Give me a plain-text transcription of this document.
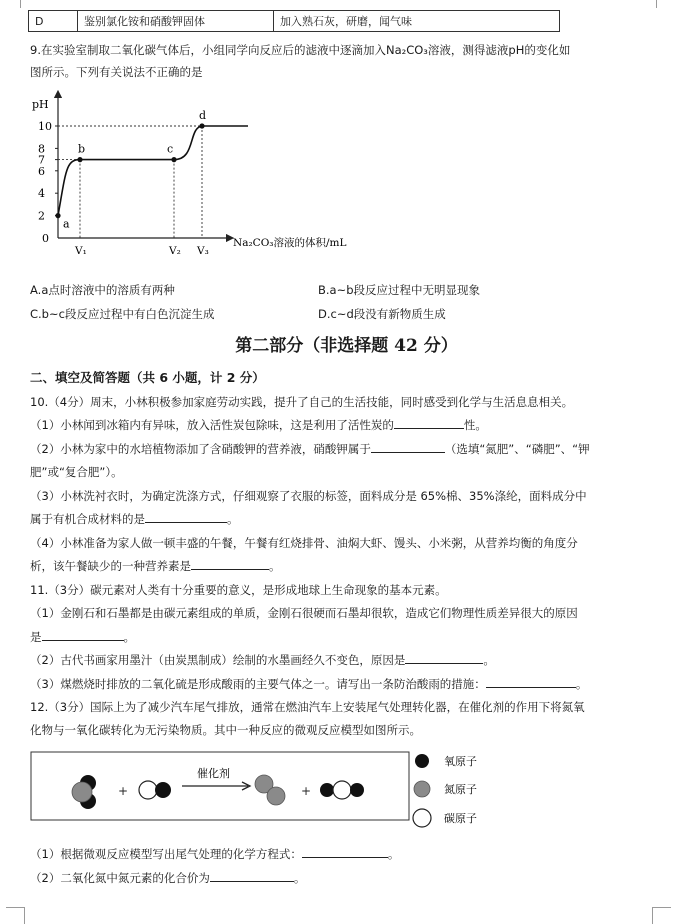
D	鉴别氯化铵和硝酸钾固体	加入熟石灰，研磨，闻气味
9.在实验室制取二氧化碳气体后，小组同学向反应后的滤液中逐滴加入Na₂CO₃溶液，测得滤液pH的变化如
图所示。下列有关说法不正确的是
pH
Na₂CO₃溶液的体积/mL
2
4
6
7
8
10
0
V₁	V₂ V₃
a
b	c
d
A.a点时溶液中的溶质有两种	B.a~b段反应过程中无明显现象
C.b~c段反应过程中有白色沉淀生成	D.c~d段没有新物质生成
第二部分（非选择题 42 分）
二、填空及简答题（共 6 小题，计 2 分）
10.（4分）周末，小林积极参加家庭劳动实践，提升了自己的生活技能，同时感受到化学与生活息息相关。
（1）小林闻到冰箱内有异味，放入活性炭包除味，这是利用了活性炭的	性。
（2）小林为家中的水培植物添加了含硝酸钾的营养液，硝酸钾属于	（选填“氮肥”、“磷肥”、“钾
肥”或“复合肥”）。
（3）小林洗衬衣时，为确定洗涤方式，仔细观察了衣服的标签，面料成分是 65%棉、35%涤纶，面料成分中
属于有机合成材料的是	。
（4）小林准备为家人做一顿丰盛的午餐，午餐有红烧排骨、油焖大虾、馒头、小米粥，从营养均衡的角度分
析，该午餐缺少的一种营养素是	。
11.（3分）碳元素对人类有十分重要的意义，是形成地球上生命现象的基本元素。
（1）金刚石和石墨都是由碳元素组成的单质，金刚石很硬而石墨却很软，造成它们物理性质差异很大的原因
是	。
（2）古代书画家用墨汁（由炭黑制成）绘制的水墨画经久不变色，原因是	。
（3）煤燃烧时排放的二氧化硫是形成酸雨的主要气体之一。请写出一条防治酸雨的措施：	。
12.（3分）国际上为了减少汽车尾气排放，通常在燃油汽车上安装尾气处理转化器，在催化剂的作用下将氮氧
化物与一氧化碳转化为无污染物质。其中一种反应的微观反应模型如图所示。
+
催化剂
+
氧原子
氮原子
碳原子
（1）根据微观反应模型写出尾气处理的化学方程式：	。
（2）二氧化氮中氮元素的化合价为	。
